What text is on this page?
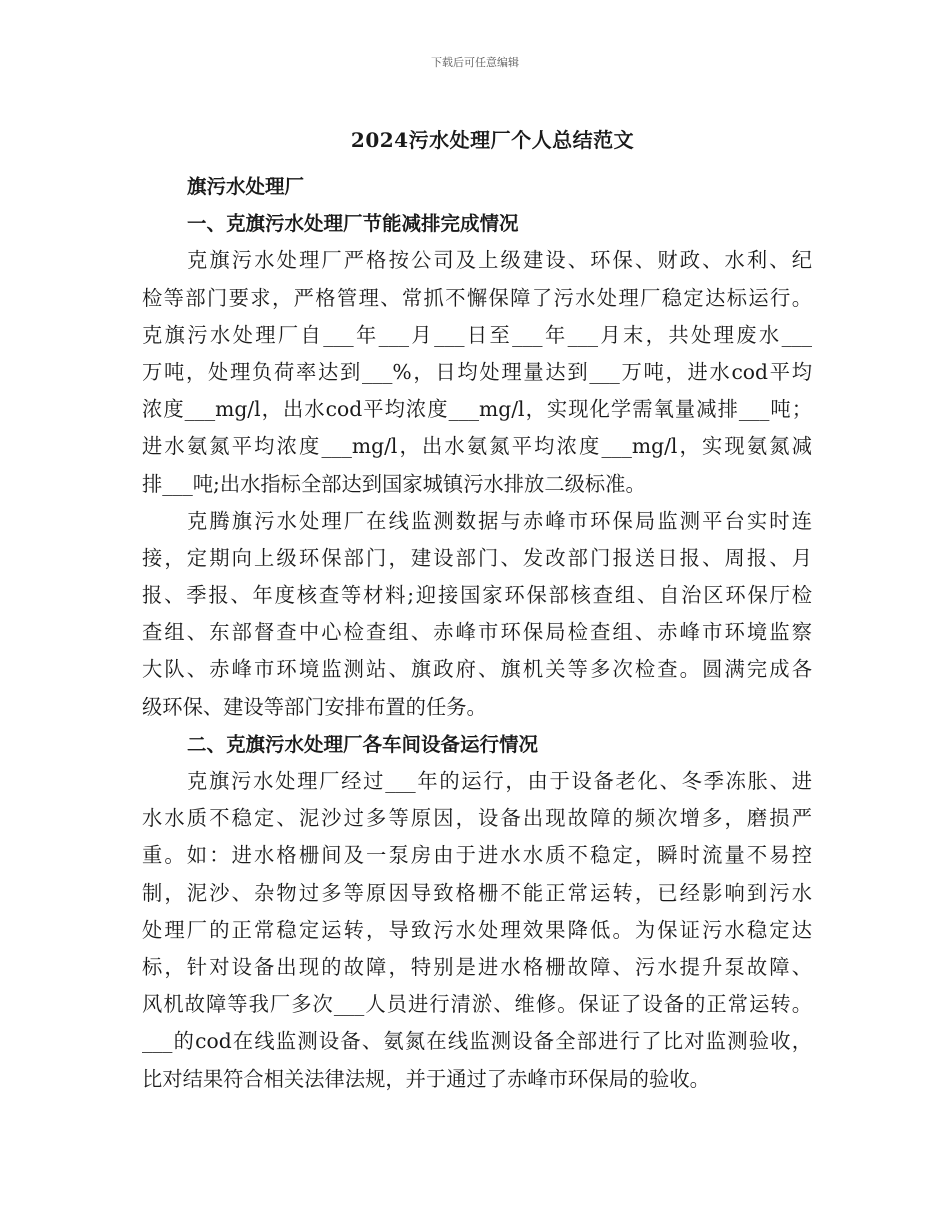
下载后可任意编辑
2024污水处理厂个人总结范文
旗污水处理厂
一、克旗污水处理厂节能减排完成情况
克旗污水处理厂严格按公司及上级建设、环保、财政、水利、纪
检等部门要求，严格管理、常抓不懈保障了污水处理厂稳定达标运行。
克旗污水处理厂自___年___月___日至___年___月末，共处理废水___
万吨，处理负荷率达到___%，日均处理量达到___万吨，进水cod平均
浓度___mg/l，出水cod平均浓度___mg/l，实现化学需氧量减排___吨；
进水氨氮平均浓度___mg/l，出水氨氮平均浓度___mg/l，实现氨氮减
排___吨;出水指标全部达到国家城镇污水排放二级标准。
克腾旗污水处理厂在线监测数据与赤峰市环保局监测平台实时连
接，定期向上级环保部门，建设部门、发改部门报送日报、周报、月
报、季报、年度核查等材料;迎接国家环保部核查组、自治区环保厅检
查组、东部督查中心检查组、赤峰市环保局检查组、赤峰市环境监察
大队、赤峰市环境监测站、旗政府、旗机关等多次检查。圆满完成各
级环保、建设等部门安排布置的任务。
二、克旗污水处理厂各车间设备运行情况
克旗污水处理厂经过___年的运行，由于设备老化、冬季冻胀、进
水水质不稳定、泥沙过多等原因，设备出现故障的频次增多，磨损严
重。如：进水格栅间及一泵房由于进水水质不稳定，瞬时流量不易控
制，泥沙、杂物过多等原因导致格栅不能正常运转，已经影响到污水
处理厂的正常稳定运转，导致污水处理效果降低。为保证污水稳定达
标，针对设备出现的故障，特别是进水格栅故障、污水提升泵故障、
风机故障等我厂多次___人员进行清淤、维修。保证了设备的正常运转。
___的cod在线监测设备、氨氮在线监测设备全部进行了比对监测验收，
比对结果符合相关法律法规，并于通过了赤峰市环保局的验收。
